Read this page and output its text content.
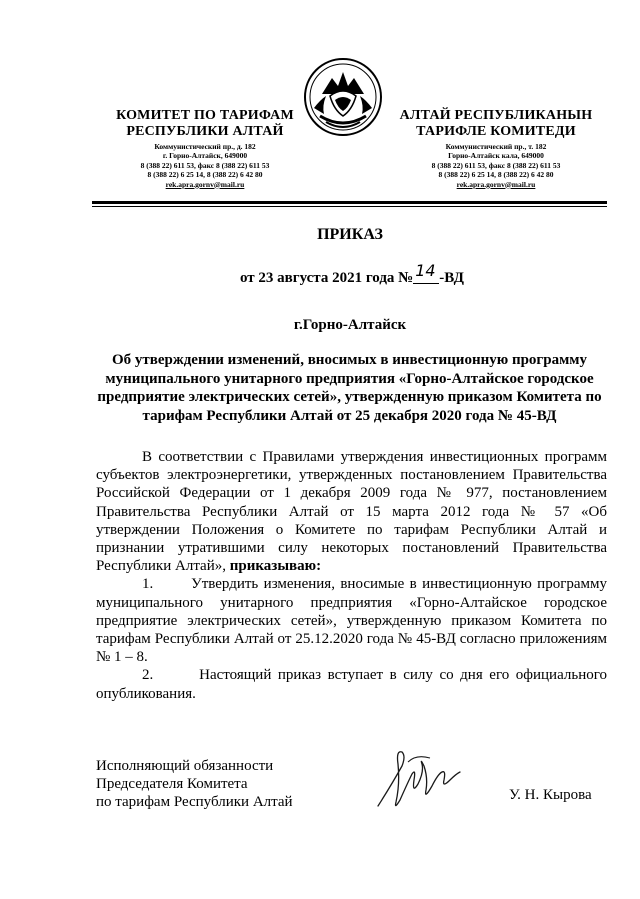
КОМИТЕТ ПО ТАРИФАМ
РЕСПУБЛИКИ АЛТАЙ
Коммунистический пр., д. 182
г. Горно-Алтайск, 649000
8 (388 22) 611 53, факс 8 (388 22) 611 53
8 (388 22) 6 25 14, 8 (388 22) 6 42 80
rek.apra.gornv@mail.ru
АЛТАЙ РЕСПУБЛИКАНЫН
ТАРИФЛЕ КОМИТЕДИ
Коммунистический пр., т. 182
Горно-Алтайск кала, 649000
8 (388 22) 611 53, факс 8 (388 22) 611 53
8 (388 22) 6 25 14, 8 (388 22) 6 42 80
rek.apra.gornv@mail.ru
ПРИКАЗ
от 23 августа 2021 года № 14 -ВД
г.Горно-Алтайск
Об утверждении изменений, вносимых в инвестиционную программу муниципального унитарного предприятия «Горно-Алтайское городское предприятие электрических сетей», утвержденную приказом Комитета по тарифам Республики Алтай от 25 декабря 2020 года № 45-ВД

В соответствии с Правилами утверждения инвестиционных программ субъектов электроэнергетики, утвержденных постановлением Правительства Российской Федерации от 1 декабря 2009 года № 977, постановлением Правительства Республики Алтай от 15 марта 2012 года № 57 «Об утверждении Положения о Комитете по тарифам Республики Алтай и признании утратившими силу некоторых постановлений Правительства Республики Алтай», приказываю:

1.	Утвердить изменения, вносимые в инвестиционную программу муниципального унитарного предприятия «Горно-Алтайское городское предприятие электрических сетей», утвержденную приказом Комитета по тарифам Республики Алтай от 25.12.2020 года № 45-ВД согласно приложениям № 1 – 8.

2.	Настоящий приказ вступает в силу со дня его официального опубликования.

Исполняющий обязанности
Председателя Комитета
по тарифам Республики Алтай	У. Н. Кырова
